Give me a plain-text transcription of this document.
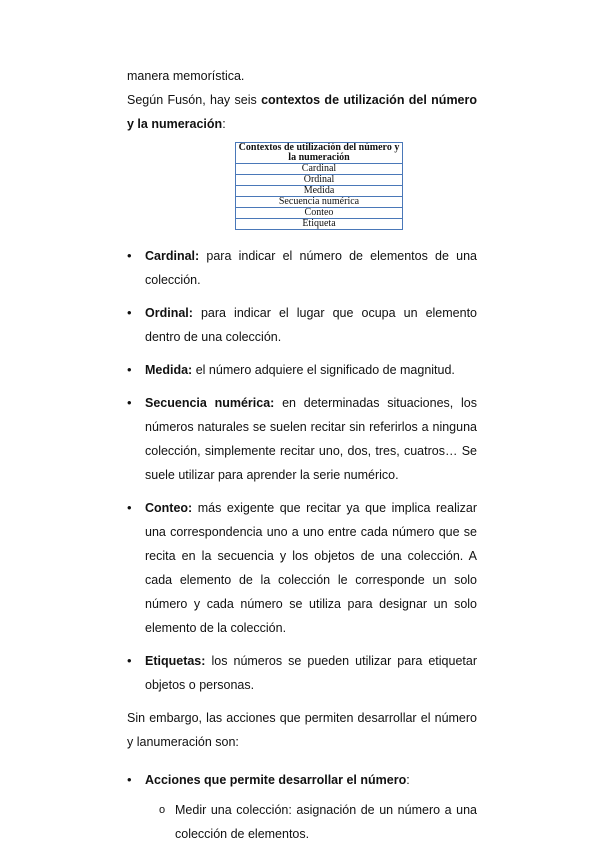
manera memorística.

Según Fusón, hay seis contextos de utilización del número y la numeración:

Contextos de utilización del número y la numeración
Cardinal
Ordinal
Medida
Secuencia numérica
Conteo
Etiqueta
• Cardinal: para indicar el número de elementos de una colección.
• Ordinal: para indicar el lugar que ocupa un elemento dentro de una colección.
• Medida: el número adquiere el significado de magnitud.
• Secuencia numérica: en determinadas situaciones, los números naturales se suelen recitar sin referirlos a ninguna colección, simplemente recitar uno, dos, tres, cuatros… Se suele utilizar para aprender la serie numérico.
• Conteo: más exigente que recitar ya que implica realizar una correspondencia uno a uno entre cada número que se recita en la secuencia y los objetos de una colección. A cada elemento de la colección le corresponde un solo número y cada número se utiliza para designar un solo elemento de la colección.
• Etiquetas: los números se pueden utilizar para etiquetar objetos o personas.

Sin embargo, las acciones que permiten desarrollar el número y lanumeración son:

• Acciones que permite desarrollar el número:
o Medir una colección: asignación de un número a una colección de elementos.
